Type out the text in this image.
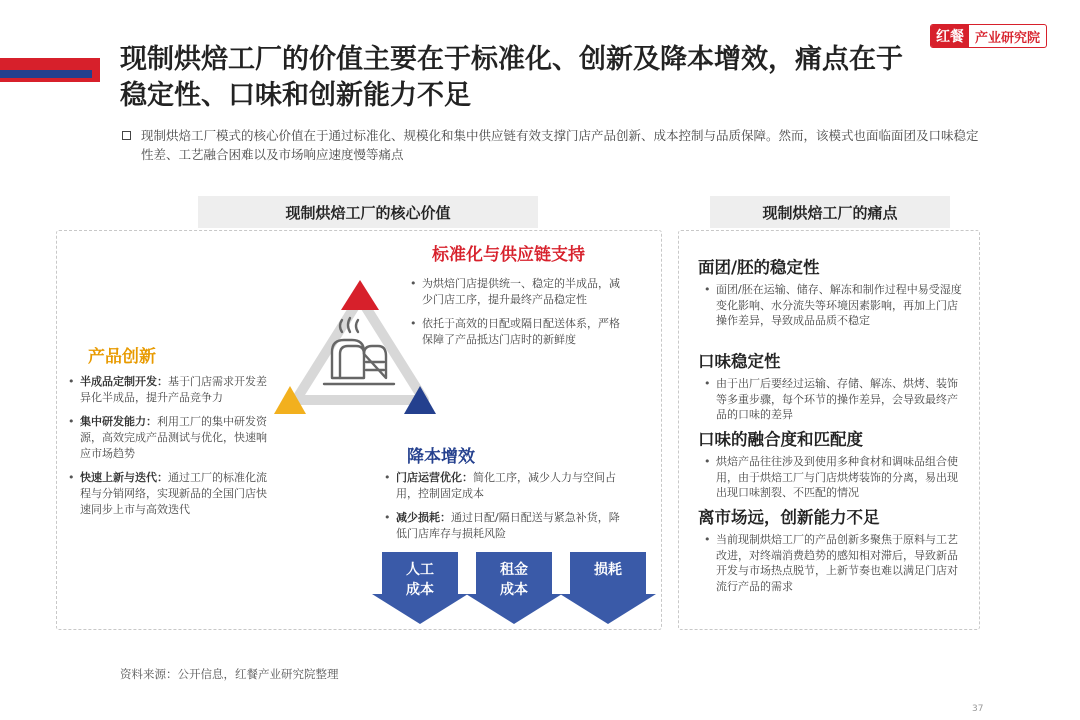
现制烘焙工厂的价值主要在于标准化、创新及降本增效，痛点在于稳定性、口味和创新能力不足
红餐 产业研究院
现制烘焙工厂模式的核心价值在于通过标准化、规模化和集中供应链有效支撑门店产品创新、成本控制与品质保障。然而，该模式也面临面团及口味稳定性差、工艺融合困难以及市场响应速度慢等痛点
现制烘焙工厂的核心价值
标准化与供应链支持
• 为烘焙门店提供统一、稳定的半成品，减少门店工序，提升最终产品稳定性
• 依托于高效的日配或隔日配送体系，严格保障了产品抵达门店时的新鲜度
产品创新
• 半成品定制开发：基于门店需求开发差异化半成品，提升产品竞争力
• 集中研发能力：利用工厂的集中研发资源，高效完成产品测试与优化，快速响应市场趋势
• 快速上新与迭代：通过工厂的标准化流程与分销网络，实现新品的全国门店快速同步上市与高效迭代
降本增效
• 门店运营优化：简化工序，减少人力与空间占用，控制固定成本
• 减少损耗：通过日配/隔日配送与紧急补货，降低门店库存与损耗风险
人工
成本
租金
成本
损耗
现制烘焙工厂的痛点
面团/胚的稳定性
• 面团/胚在运输、储存、解冻和制作过程中易受湿度变化影响、水分流失等环境因素影响，再加上门店操作差异，导致成品品质不稳定
口味稳定性
• 由于出厂后要经过运输、存储、解冻、烘烤、装饰等多重步骤，每个环节的操作差异，会导致最终产品的口味的差异
口味的融合度和匹配度
• 烘焙产品往往涉及到使用多种食材和调味品组合使用，由于烘焙工厂与门店烘烤装饰的分离，易出现出现口味割裂、不匹配的情况
离市场远，创新能力不足
• 当前现制烘焙工厂的产品创新多聚焦于原料与工艺改进，对终端消费趋势的感知相对滞后，导致新品开发与市场热点脱节，上新节奏也难以满足门店对流行产品的需求
资料来源：公开信息，红餐产业研究院整理
37
